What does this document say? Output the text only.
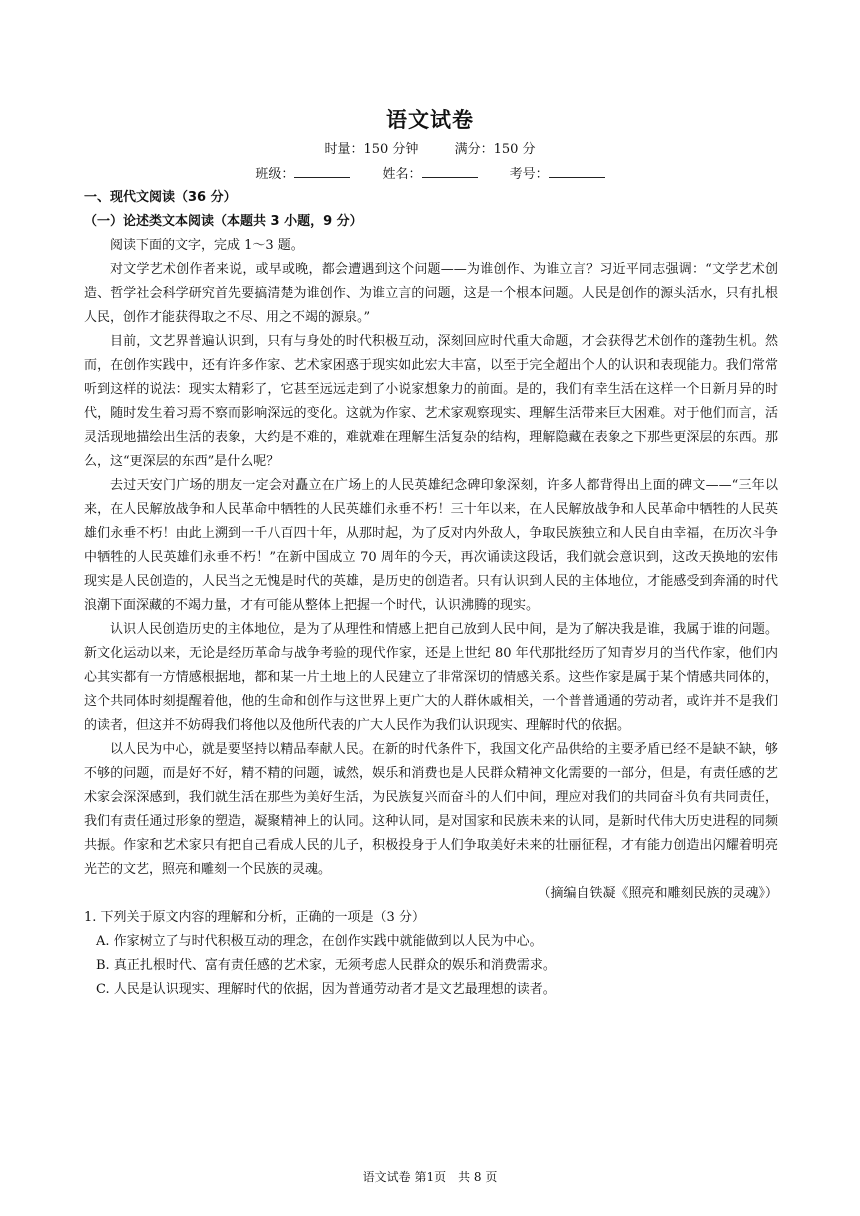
语文试卷
时量：150 分钟	满分：150 分
班级：	姓名：	考号：

一、现代文阅读（36 分）

（一）论述类文本阅读（本题共 3 小题，9 分）

阅读下面的文字，完成 1～3 题。

对文学艺术创作者来说，或早或晚，都会遭遇到这个问题——为谁创作、为谁立言？习近平同志强调：“文学艺术创造、哲学社会科学研究首先要搞清楚为谁创作、为谁立言的问题，这是一个根本问题。人民是创作的源头活水，只有扎根人民，创作才能获得取之不尽、用之不竭的源泉。”

目前，文艺界普遍认识到，只有与身处的时代积极互动，深刻回应时代重大命题，才会获得艺术创作的蓬勃生机。然而，在创作实践中，还有许多作家、艺术家困惑于现实如此宏大丰富，以至于完全超出个人的认识和表现能力。我们常常听到这样的说法：现实太精彩了，它甚至远远走到了小说家想象力的前面。是的，我们有幸生活在这样一个日新月异的时代，随时发生着习焉不察而影响深远的变化。这就为作家、艺术家观察现实、理解生活带来巨大困难。对于他们而言，活灵活现地描绘出生活的表象，大约是不难的，难就难在理解生活复杂的结构，理解隐藏在表象之下那些更深层的东西。那么，这“更深层的东西”是什么呢？

去过天安门广场的朋友一定会对矗立在广场上的人民英雄纪念碑印象深刻，许多人都背得出上面的碑文——“三年以来，在人民解放战争和人民革命中牺牲的人民英雄们永垂不朽！三十年以来，在人民解放战争和人民革命中牺牲的人民英雄们永垂不朽！由此上溯到一千八百四十年，从那时起，为了反对内外敌人，争取民族独立和人民自由幸福，在历次斗争中牺牲的人民英雄们永垂不朽！”在新中国成立 70 周年的今天，再次诵读这段话，我们就会意识到，这改天换地的宏伟现实是人民创造的，人民当之无愧是时代的英雄，是历史的创造者。只有认识到人民的主体地位，才能感受到奔涌的时代浪潮下面深藏的不竭力量，才有可能从整体上把握一个时代，认识沸腾的现实。

认识人民创造历史的主体地位，是为了从理性和情感上把自己放到人民中间，是为了解决我是谁，我属于谁的问题。新文化运动以来，无论是经历革命与战争考验的现代作家，还是上世纪 80 年代那批经历了知青岁月的当代作家，他们内心其实都有一方情感根据地，都和某一片土地上的人民建立了非常深切的情感关系。这些作家是属于某个情感共同体的，这个共同体时刻提醒着他，他的生命和创作与这世界上更广大的人群休戚相关，一个普普通通的劳动者，或许并不是我们的读者，但这并不妨碍我们将他以及他所代表的广大人民作为我们认识现实、理解时代的依据。

以人民为中心，就是要坚持以精品奉献人民。在新的时代条件下，我国文化产品供给的主要矛盾已经不是缺不缺，够不够的问题，而是好不好，精不精的问题，诚然，娱乐和消费也是人民群众精神文化需要的一部分，但是，有责任感的艺术家会深深感到，我们就生活在那些为美好生活，为民族复兴而奋斗的人们中间，理应对我们的共同奋斗负有共同责任，我们有责任通过形象的塑造，凝聚精神上的认同。这种认同，是对国家和民族未来的认同，是新时代伟大历史进程的同频共振。作家和艺术家只有把自己看成人民的儿子，积极投身于人们争取美好未来的壮丽征程，才有能力创造出闪耀着明亮光芒的文艺，照亮和雕刻一个民族的灵魂。

（摘编自铁凝《照亮和雕刻民族的灵魂》）

1. 下列关于原文内容的理解和分析，正确的一项是（3 分）

A. 作家树立了与时代积极互动的理念，在创作实践中就能做到以人民为中心。

B. 真正扎根时代、富有责任感的艺术家，无须考虑人民群众的娱乐和消费需求。

C. 人民是认识现实、理解时代的依据，因为普通劳动者才是文艺最理想的读者。

语文试卷 第1页　共 8 页
